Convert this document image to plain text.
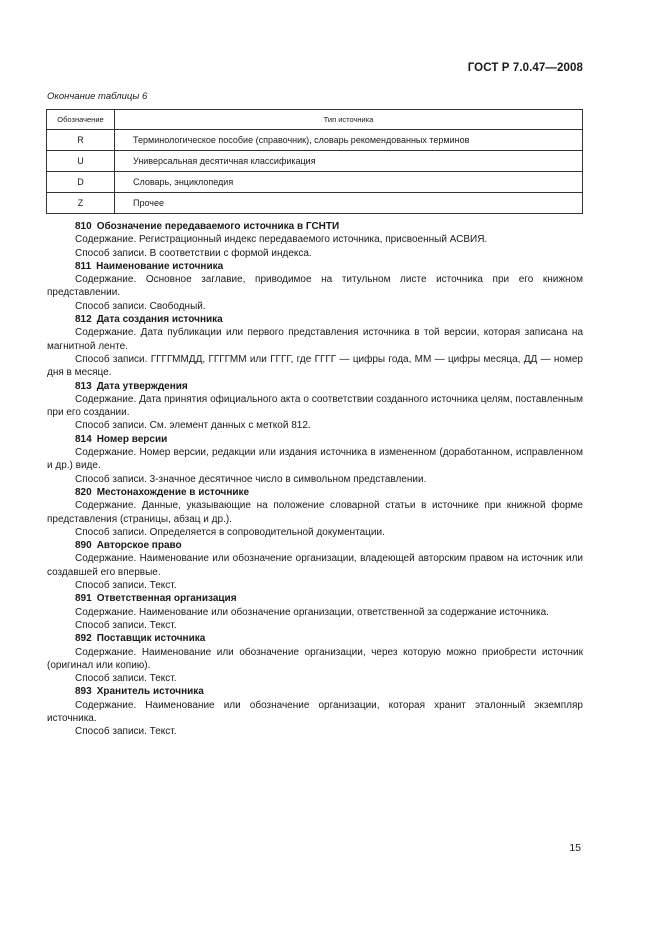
ГОСТ Р 7.0.47—2008
Окончание таблицы 6
Обозначение	Тип источника
R	Терминологическое пособие (справочник), словарь рекомендованных терминов
U	Универсальная десятичная классификация
D	Словарь, энциклопедия
Z	Прочее

810 Обозначение передаваемого источника в ГСНТИ

Содержание. Регистрационный индекс передаваемого источника, присвоенный АСВИЯ.

Способ записи. В соответствии с формой индекса.

811 Наименование источника

Содержание. Основное заглавие, приводимое на титульном листе источника при его книжном представлении.

Способ записи. Свободный.

812 Дата создания источника

Содержание. Дата публикации или первого представления источника в той версии, которая записана на магнитной ленте.

Способ записи. ГГГГММДД, ГГГГММ или ГГГГ, где ГГГГ — цифры года, ММ — цифры месяца, ДД — номер дня в месяце.

813 Дата утверждения

Содержание. Дата принятия официального акта о соответствии созданного источника целям, поставленным при его создании.

Способ записи. См. элемент данных с меткой 812.

814 Номер версии

Содержание. Номер версии, редакции или издания источника в измененном (доработанном, исправленном и др.) виде.

Способ записи. 3-значное десятичное число в символьном представлении.

820 Местонахождение в источнике

Содержание. Данные, указывающие на положение словарной статьи в источнике при книжной форме представления (страницы, абзац и др.).

Способ записи. Определяется в сопроводительной документации.

890 Авторское право

Содержание. Наименование или обозначение организации, владеющей авторским правом на источник или создавшей его впервые.

Способ записи. Текст.

891 Ответственная организация

Содержание. Наименование или обозначение организации, ответственной за содержание источника.

Способ записи. Текст.

892 Поставщик источника

Содержание. Наименование или обозначение организации, через которую можно приобрести источник (оригинал или копию).

Способ записи. Текст.

893 Хранитель источника

Содержание. Наименование или обозначение организации, которая хранит эталонный экземпляр источника.

Способ записи. Текст.

15
